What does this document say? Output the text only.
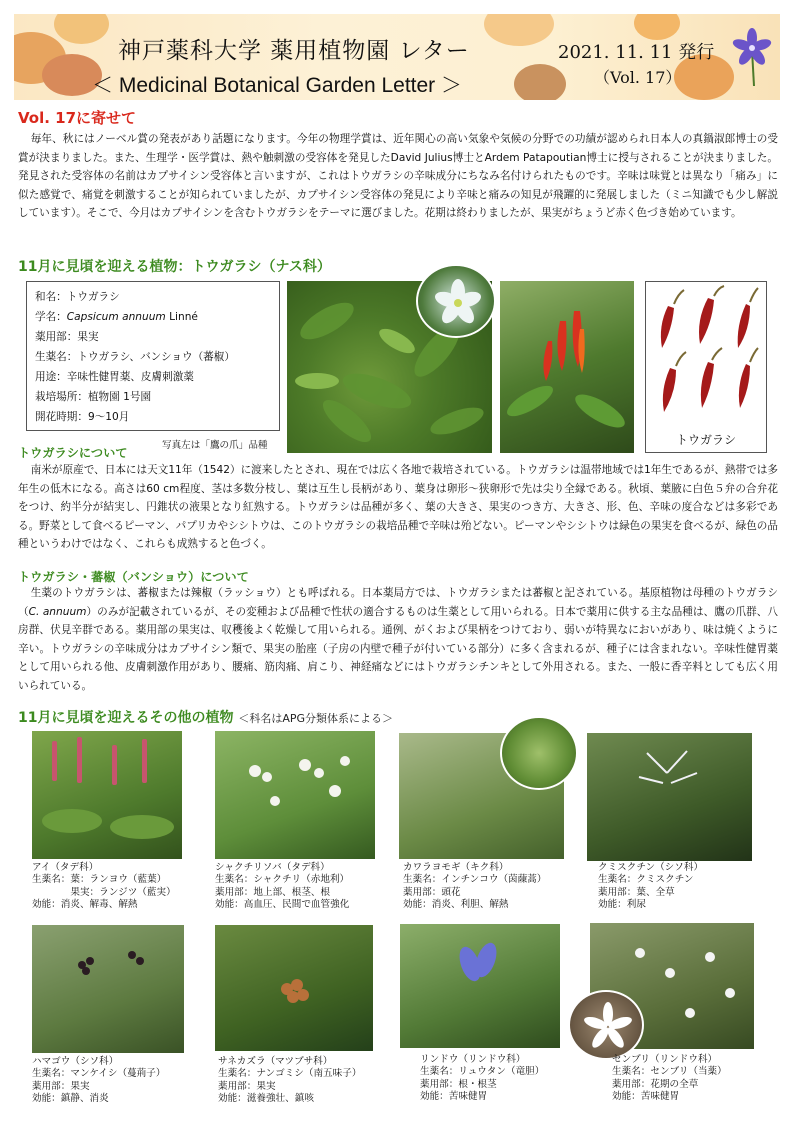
神戸薬科大学 薬用植物園 レター
＜ Medicinal Botanical Garden Letter ＞
2021. 11. 11 発行
（Vol. 17）
Vol. 17に寄せて
毎年、秋にはノーベル賞の発表があり話題になります。今年の物理学賞は、近年関心の高い気象や気候の分野での功績が認められ日本人の真鍋淑郎博士の受賞が決まりました。また、生理学・医学賞は、熱や触刺激の受容体を発見したDavid Julius博士とArdem Patapoutian博士に授与されることが決まりました。発見された受容体の名前はカプサイシン受容体と言いますが、これはトウガラシの辛味成分にちなみ名付けられたものです。辛味は味覚とは異なり「痛み」に似た感覚で、痛覚を刺激することが知られていましたが、カプサイシン受容体の発見により辛味と痛みの知見が飛躍的に発展しました（ミニ知識でも少し解説しています）。そこで、今月はカプサイシンを含むトウガラシをテーマに選びました。花期は終わりましたが、果実がちょうど赤く色づき始めています。
11月に見頃を迎える植物：トウガラシ（ナス科）
和名：トウガラシ
学名：Capsicum annuum Linné
薬用部：果実
生薬名：トウガラシ、バンショウ（蕃椒）
用途：辛味性健胃薬、皮膚刺激薬
栽培場所：植物園 1号園
開花時期：9～10月
トウガラシ
写真左は「鷹の爪」品種
トウガラシについて
南米が原産で、日本には天文11年（1542）に渡来したとされ、現在では広く各地で栽培されている。トウガラシは温帯地域では1年生であるが、熱帯では多年生の低木になる。高さは60 cm程度、茎は多数分枝し、葉は互生し長柄があり、葉身は卵形～狭卵形で先は尖り全縁である。秋頃、葉腋に白色５弁の合弁花をつけ、約半分が結実し、円錐状の液果となり紅熟する。トウガラシは品種が多く、葉の大きさ、果実のつき方、大きさ、形、色、辛味の度合などは多彩である。野菜として食べるピーマン、パプリカやシシトウは、このトウガラシの栽培品種で辛味は殆どない。ピーマンやシシトウは緑色の果実を食べるが、緑色の品種というわけではなく、これらも成熟すると色づく。
トウガラシ・蕃椒（バンショウ）について
生薬のトウガラシは、蕃椒または辣椒（ラッショウ）とも呼ばれる。日本薬局方では、トウガラシまたは蕃椒と記されている。基原植物は母種のトウガラシ（C. annuum）のみが記載されているが、その変種および品種で性状の適合するものは生薬として用いられる。日本で薬用に供する主な品種は、鷹の爪群、八房群、伏見辛群である。薬用部の果実は、収穫後よく乾燥して用いられる。通例、がくおよび果柄をつけており、弱いが特異なにおいがあり、味は焼くように辛い。トウガラシの辛味成分はカプサイシン類で、果実の胎座（子房の内壁で種子が付いている部分）に多く含まれるが、種子には含まれない。辛味性健胃薬として用いられる他、皮膚刺激作用があり、腰痛、筋肉痛、肩こり、神経痛などにはトウガラシチンキとして外用される。また、一般に香辛料としても広く用いられている。
11月に見頃を迎えるその他の植物 ＜科名はAPG分類体系による＞
アイ（タデ科）
生薬名：葉：ランヨウ（藍葉）
　　　　果実：ランジツ（藍実）
効能：消炎、解毒、解熱
シャクチリソバ（タデ科）
生薬名：シャクチリ（赤地利）
薬用部：地上部、根茎、根
効能：高血圧、民間で血管強化
カワラヨモギ（キク科）
生薬名：インチンコウ（茵蔯蒿）
薬用部：頭花
効能：消炎、利胆、解熱
クミスクチン（シソ科）
生薬名：クミスクチン
薬用部：葉、全草
効能：利尿
ハマゴウ（シソ科）
生薬名：マンケイシ（蔓荊子）
薬用部：果実
効能：鎮静、消炎
サネカズラ（マツブサ科）
生薬名：ナンゴミシ（南五味子）
薬用部：果実
効能：滋養強壮、鎮咳
リンドウ（リンドウ科）
生薬名：リュウタン（竜胆）
薬用部：根・根茎
効能：苦味健胃
センブリ（リンドウ科）
生薬名：センブリ（当薬）
薬用部：花期の全草
効能：苦味健胃
